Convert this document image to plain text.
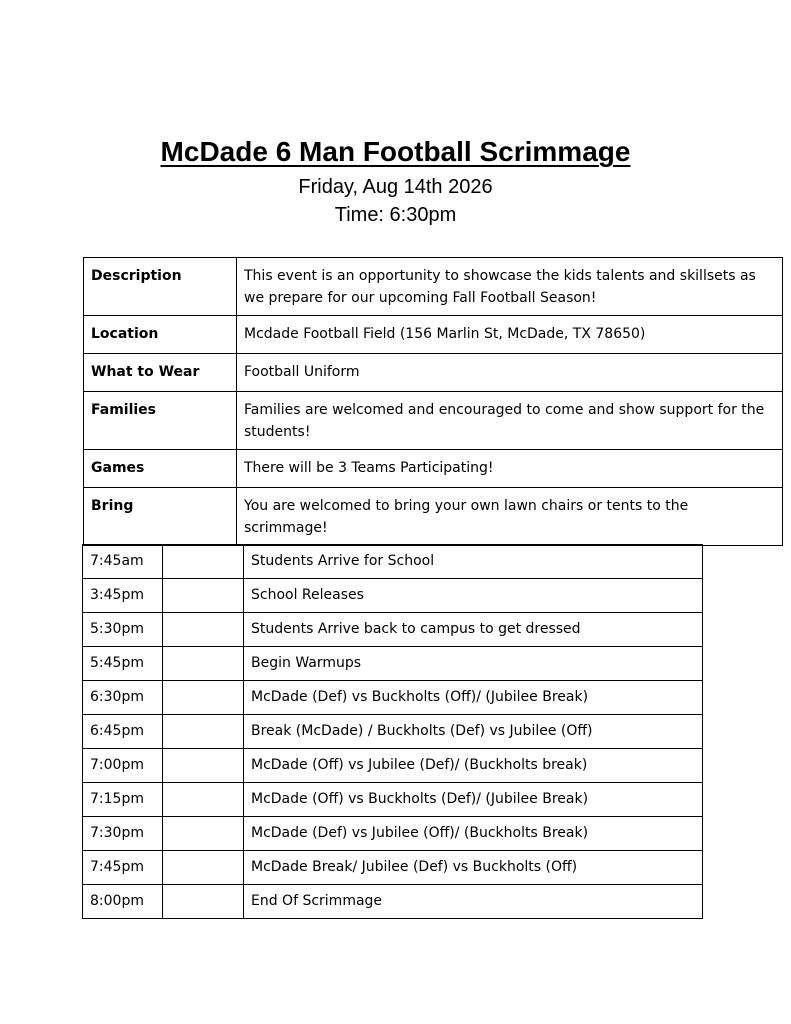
McDade 6 Man Football Scrimmage
Friday, Aug 14th 2026
Time: 6:30pm
Description	This event is an opportunity to showcase the kids talents and skillsets as we prepare for our upcoming Fall Football Season!
Location	Mcdade Football Field (156 Marlin St, McDade, TX 78650)
What to Wear	Football Uniform
Families	Families are welcomed and encouraged to come and show support for the students!
Games	There will be 3 Teams Participating!
Bring	You are welcomed to bring your own lawn chairs or tents to the scrimmage!
7:45am		Students Arrive for School
3:45pm		School Releases
5:30pm		Students Arrive back to campus to get dressed
5:45pm		Begin Warmups
6:30pm		McDade (Def) vs Buckholts (Off)/ (Jubilee Break)
6:45pm		Break (McDade) / Buckholts (Def) vs Jubilee (Off)
7:00pm		McDade (Off) vs Jubilee (Def)/ (Buckholts break)
7:15pm		McDade (Off) vs Buckholts (Def)/ (Jubilee Break)
7:30pm		McDade (Def) vs Jubilee (Off)/ (Buckholts Break)
7:45pm		McDade Break/ Jubilee (Def) vs Buckholts (Off)
8:00pm		End Of Scrimmage
